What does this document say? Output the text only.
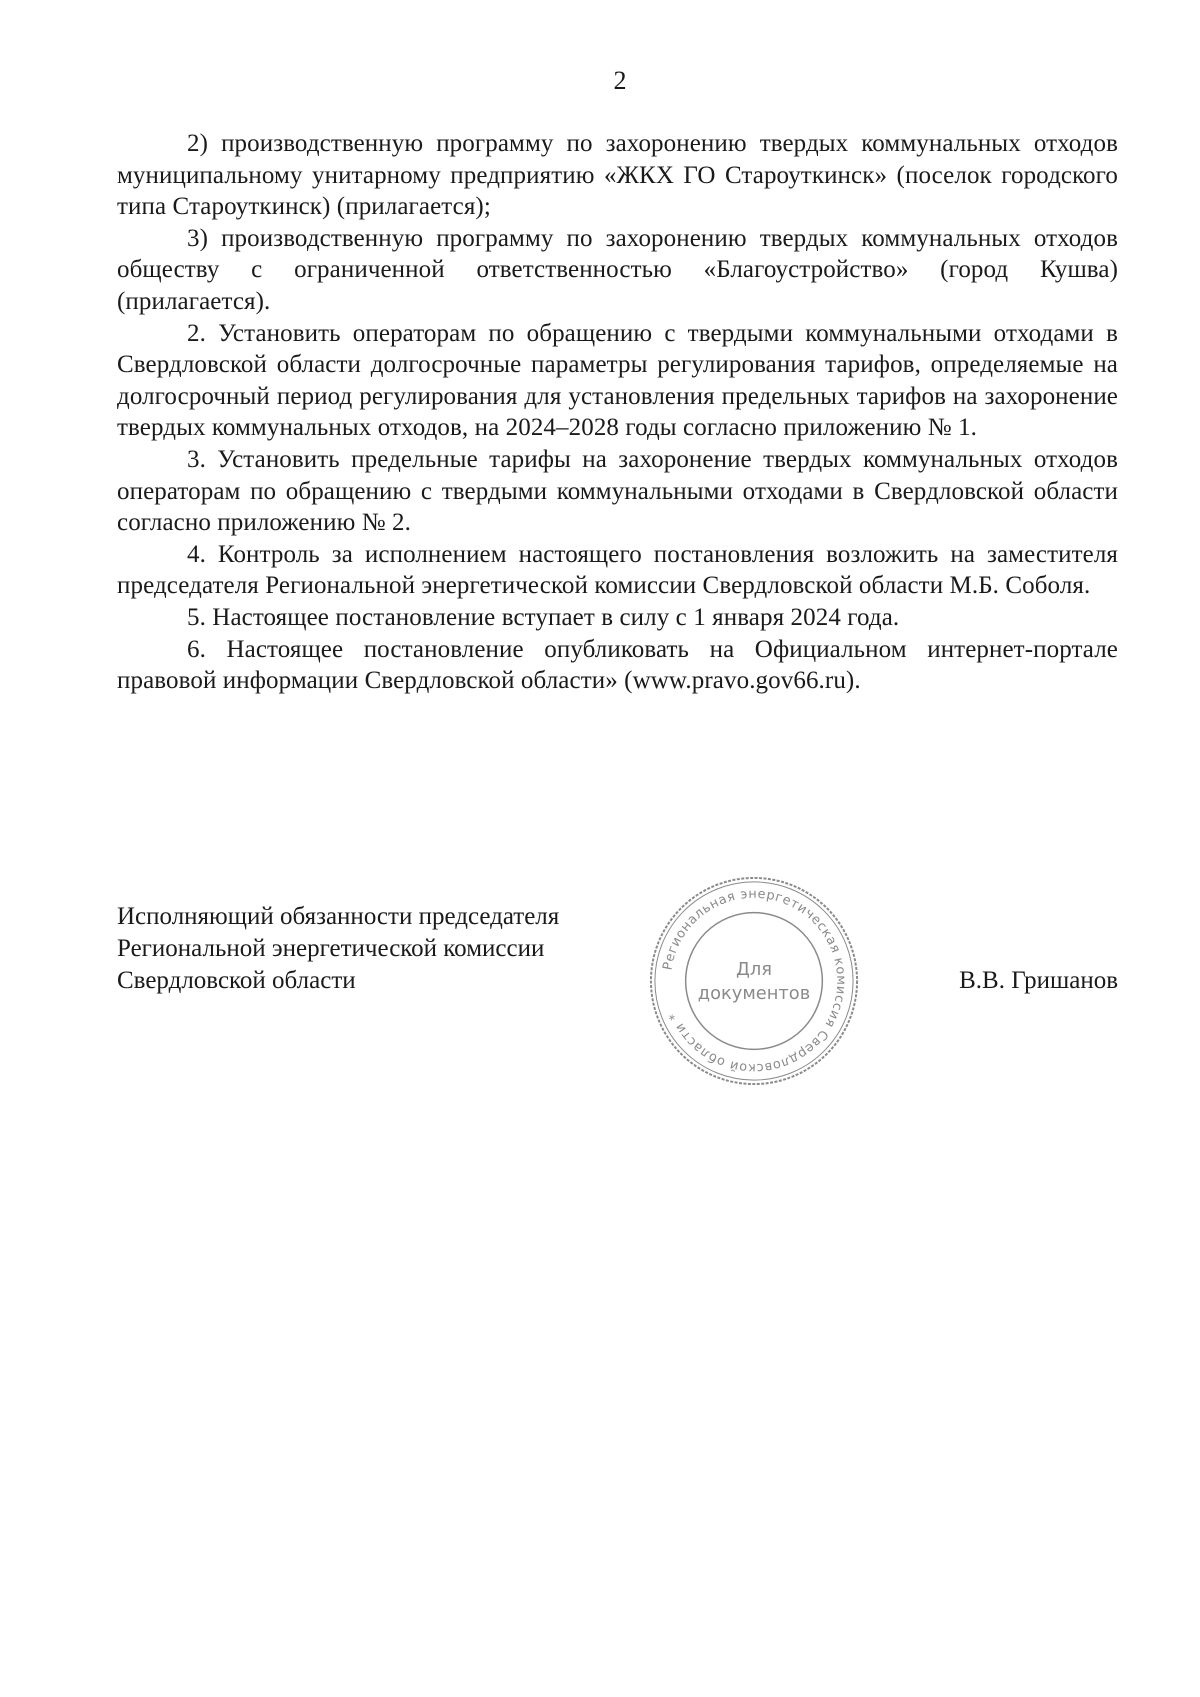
2

2) производственную программу по захоронению твердых коммунальных отходов муниципальному унитарному предприятию «ЖКХ ГО Староуткинск» (поселок городского типа Староуткинск) (прилагается);

3) производственную программу по захоронению твердых коммунальных отходов обществу с ограниченной ответственностью «Благоустройство» (город Кушва) (прилагается).

2. Установить операторам по обращению с твердыми коммунальными отходами в Свердловской области долгосрочные параметры регулирования тарифов, определяемые на долгосрочный период регулирования для установления предельных тарифов на захоронение твердых коммунальных отходов, на 2024–2028 годы согласно приложению № 1.

3. Установить предельные тарифы на захоронение твердых коммунальных отходов операторам по обращению с твердыми коммунальными отходами в Свердловской области согласно приложению № 2.

4. Контроль за исполнением настоящего постановления возложить на заместителя председателя Региональной энергетической комиссии Свердловской области М.Б. Соболя.

5. Настоящее постановление вступает в силу с 1 января 2024 года.

6. Настоящее постановление опубликовать на Официальном интернет-портале правовой информации Свердловской области» (www.pravo.gov66.ru).

Исполняющий обязанности председателя
Региональной энергетической комиссии
Свердловской области	В.В. Гришанов
Региональная энергетическая комиссия Свердловской области *
Для
документов
